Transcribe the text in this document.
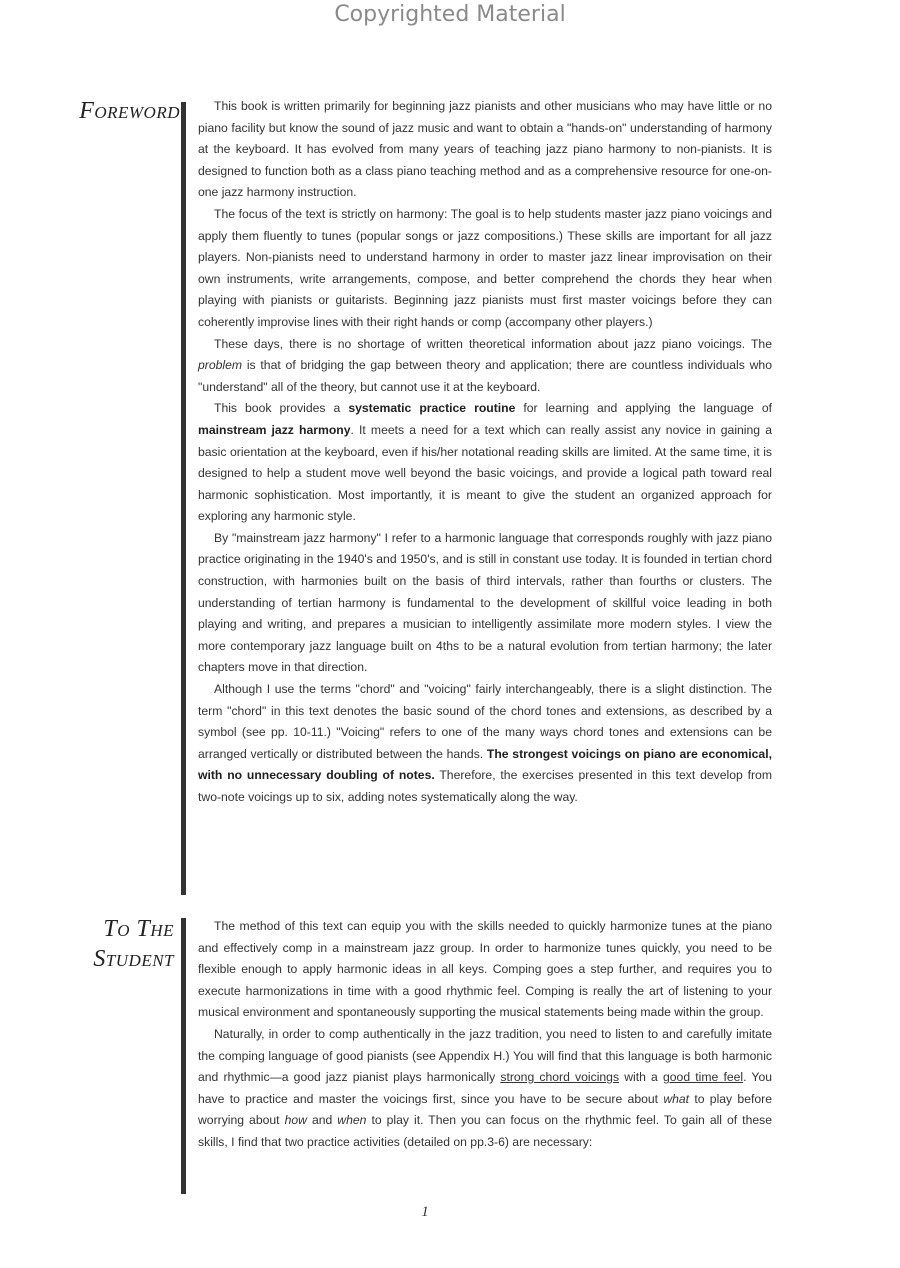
Copyrighted Material
Foreword	This book is written primarily for beginning jazz pianists and other musicians who may have little or no piano facility but know the sound of jazz music and want to obtain a "hands-on" understanding of harmony at the keyboard. It has evolved from many years of teaching jazz piano harmony to non-pianists. It is designed to function both as a class piano teaching method and as a comprehensive resource for one-on-one jazz harmony instruction.

The focus of the text is strictly on harmony: The goal is to help students master jazz piano voicings and apply them fluently to tunes (popular songs or jazz compositions.) These skills are important for all jazz players. Non-pianists need to understand harmony in order to master jazz linear improvisation on their own instruments, write arrangements, compose, and better comprehend the chords they hear when playing with pianists or guitarists. Beginning jazz pianists must first master voicings before they can coherently improvise lines with their right hands or comp (accompany other players.)

These days, there is no shortage of written theoretical information about jazz piano voicings. The problem is that of bridging the gap between theory and application; there are countless individuals who "understand" all of the theory, but cannot use it at the keyboard.

This book provides a systematic practice routine for learning and applying the language of mainstream jazz harmony. It meets a need for a text which can really assist any novice in gaining a basic orientation at the keyboard, even if his/her notational reading skills are limited. At the same time, it is designed to help a student move well beyond the basic voicings, and provide a logical path toward real harmonic sophistication. Most importantly, it is meant to give the student an organized approach for exploring any harmonic style.

By "mainstream jazz harmony" I refer to a harmonic language that corresponds roughly with jazz piano practice originating in the 1940's and 1950's, and is still in constant use today. It is founded in tertian chord construction, with harmonies built on the basis of third intervals, rather than fourths or clusters. The understanding of tertian harmony is fundamental to the development of skillful voice leading in both playing and writing, and prepares a musician to intelligently assimilate more modern styles. I view the more contemporary jazz language built on 4ths to be a natural evolution from tertian harmony; the later chapters move in that direction.

Although I use the terms "chord" and "voicing" fairly interchangeably, there is a slight distinction. The term "chord" in this text denotes the basic sound of the chord tones and extensions, as described by a symbol (see pp. 10-11.) "Voicing" refers to one of the many ways chord tones and extensions can be arranged vertically or distributed between the hands. The strongest voicings on piano are economical, with no unnecessary doubling of notes. Therefore, the exercises presented in this text develop from two-note voicings up to six, adding notes systematically along the way.

To The
Student

The method of this text can equip you with the skills needed to quickly harmonize tunes at the piano and effectively comp in a mainstream jazz group. In order to harmonize tunes quickly, you need to be flexible enough to apply harmonic ideas in all keys. Comping goes a step further, and requires you to execute harmonizations in time with a good rhythmic feel. Comping is really the art of listening to your musical environment and spontaneously supporting the musical statements being made within the group.

Naturally, in order to comp authentically in the jazz tradition, you need to listen to and carefully imitate the comping language of good pianists (see Appendix H.) You will find that this language is both harmonic and rhythmic—a good jazz pianist plays harmonically strong chord voicings with a good time feel. You have to practice and master the voicings first, since you have to be secure about what to play before worrying about how and when to play it. Then you can focus on the rhythmic feel. To gain all of these skills, I find that two practice activities (detailed on pp.3-6) are necessary:

1
